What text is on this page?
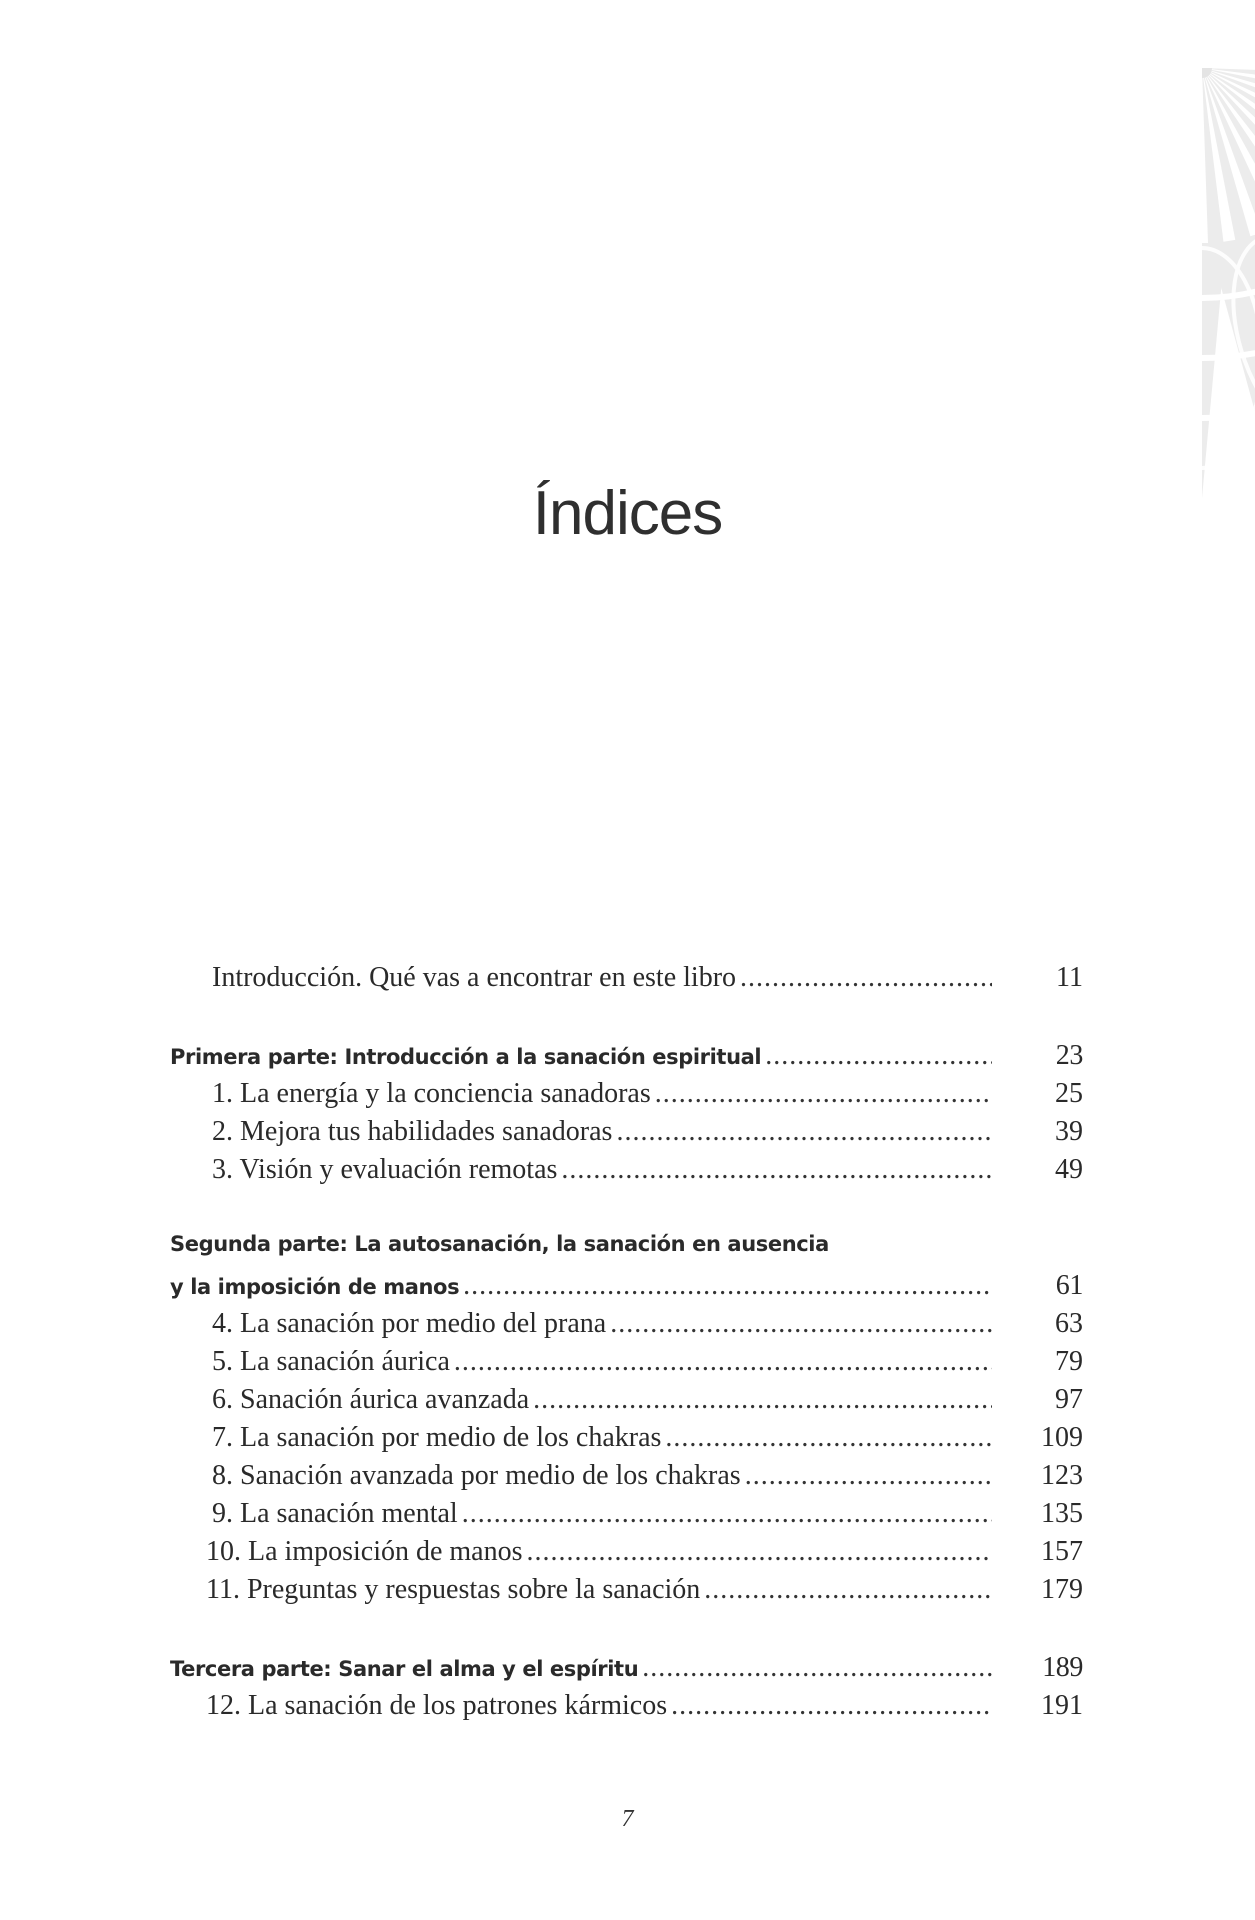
Índices
Introducción. Qué vas a encontrar en este libro .....	11
Primera parte: Introducción a la sanación espiritual .....	23
1. La energía y la conciencia sanadoras .....	25
2. Mejora tus habilidades sanadoras .....	39
3. Visión y evaluación remotas .....	49
Segunda parte: La autosanación, la sanación en ausencia
y la imposición de manos .....	61
4. La sanación por medio del prana .....	63
5. La sanación áurica .....	79
6. Sanación áurica avanzada .....	97
7. La sanación por medio de los chakras .....	109
8. Sanación avanzada por medio de los chakras .....	123
9. La sanación mental .....	135
10. La imposición de manos .....	157
11. Preguntas y respuestas sobre la sanación .....	179
Tercera parte: Sanar el alma y el espíritu .....	189
12. La sanación de los patrones kármicos .....	191
7
